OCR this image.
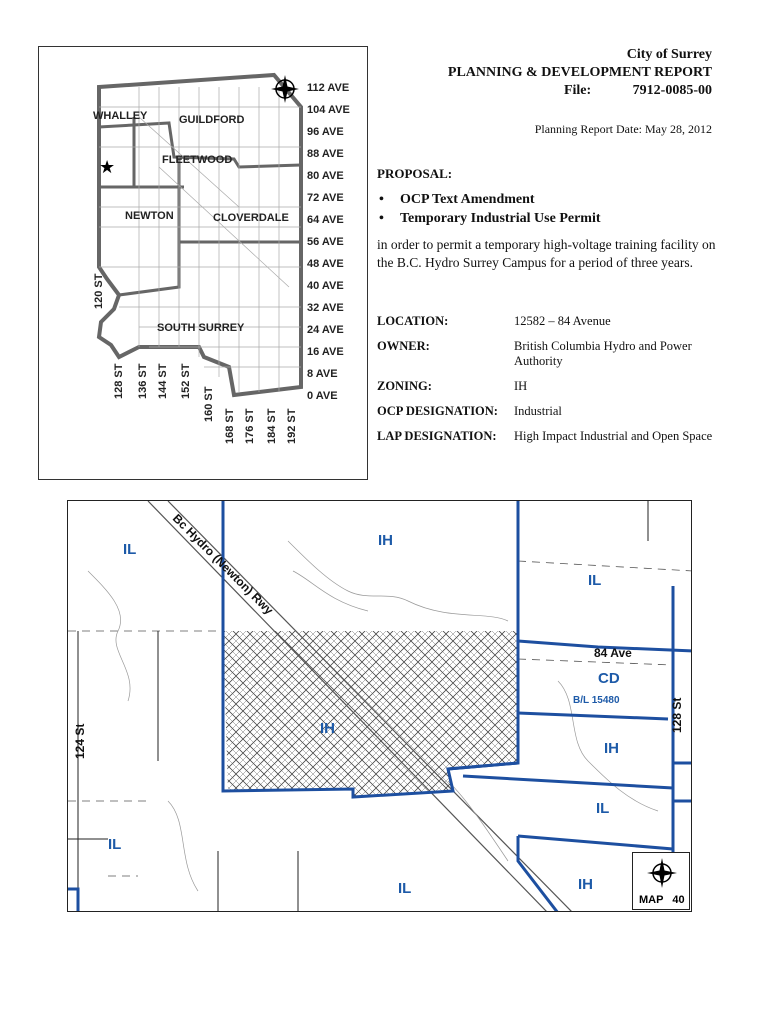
★
112 AVE
104 AVE
96 AVE
88 AVE
80 AVE
72 AVE
64 AVE
56 AVE
48 AVE
40 AVE
32 AVE
24 AVE
16 AVE
8 AVE
0 AVE
120 ST
128 ST 136 ST 144 ST 152 ST
160 ST
168 ST 176 ST 184 ST 192 ST
WHALLEY	GUILDFORD
FLEETWOOD
NEWTON	CLOVERDALE
SOUTH SURREY
City of Surrey
PLANNING & DEVELOPMENT REPORT
File:	7912-0085-00
Planning Report Date: May 28, 2012
PROPOSAL:
• OCP Text Amendment
• Temporary Industrial Use Permit
in order to permit a temporary high-voltage training facility on the B.C. Hydro Surrey Campus for a period of three years.
LOCATION:	12582 – 84 Avenue
OWNER:	British Columbia Hydro and Power Authority
ZONING:	IH
OCP DESIGNATION:	Industrial
LAP DESIGNATION:	High Impact Industrial and Open Space
IL
IH
IL
CD
B/L 15480
IH
IH
IL
IL
IL	IH
Bc Hydro (Newton) Rwy
84 Ave
128 St
124 St
MAP   40
